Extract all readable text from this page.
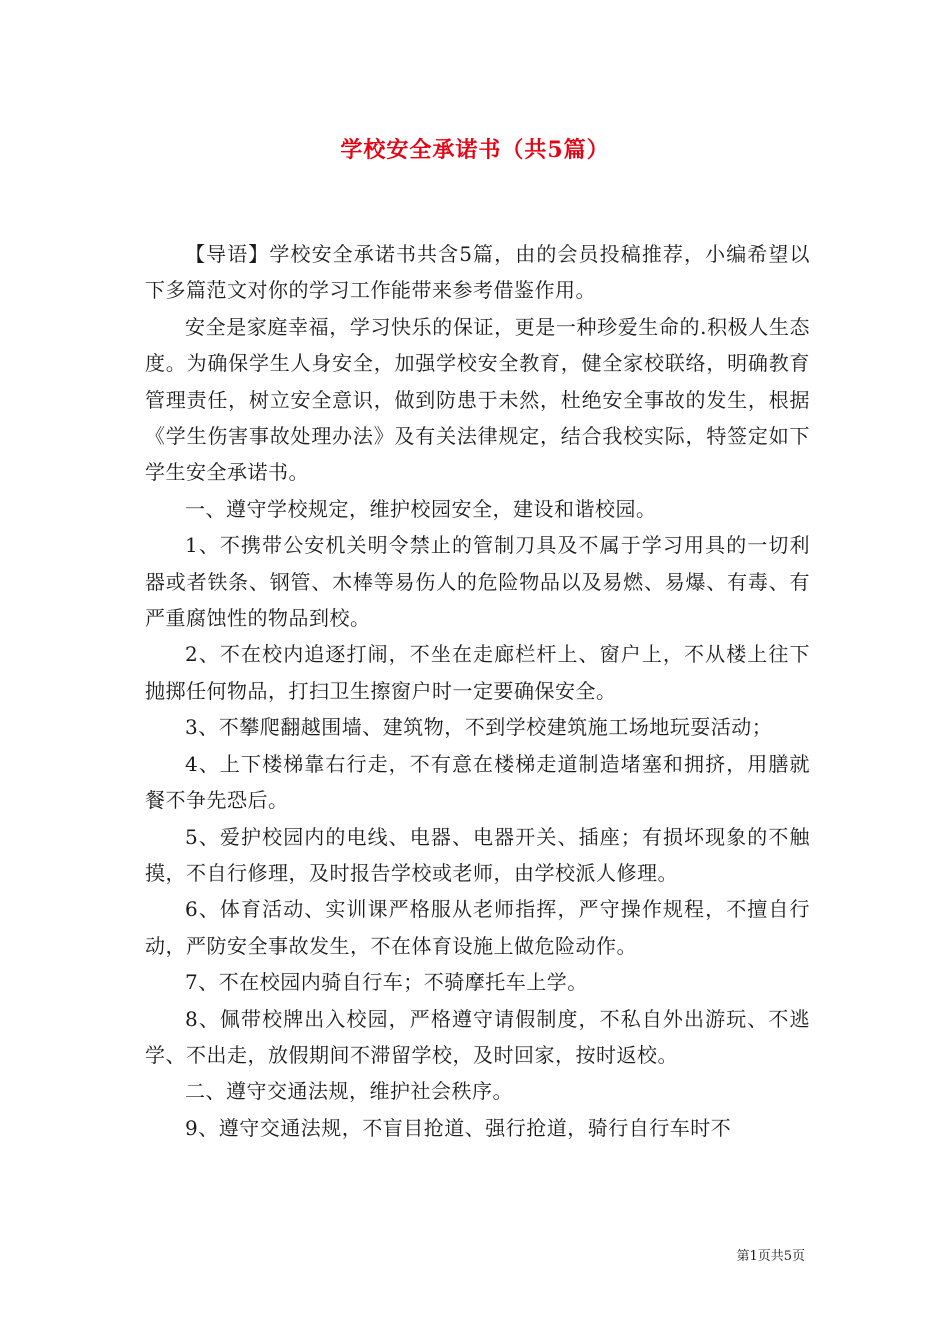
学校安全承诺书（共5篇）

【导语】学校安全承诺书共含5篇，由的会员投稿推荐，小编希望以下多篇范文对你的学习工作能带来参考借鉴作用。

安全是家庭幸福，学习快乐的保证，更是一种珍爱生命的.积极人生态度。为确保学生人身安全，加强学校安全教育，健全家校联络，明确教育管理责任，树立安全意识，做到防患于未然，杜绝安全事故的发生，根据《学生伤害事故处理办法》及有关法律规定，结合我校实际，特签定如下学生安全承诺书。

一、遵守学校规定，维护校园安全，建设和谐校园。

1、不携带公安机关明令禁止的管制刀具及不属于学习用具的一切利器或者铁条、钢管、木棒等易伤人的危险物品以及易燃、易爆、有毒、有严重腐蚀性的物品到校。

2、不在校内追逐打闹，不坐在走廊栏杆上、窗户上，不从楼上往下抛掷任何物品，打扫卫生擦窗户时一定要确保安全。

3、不攀爬翻越围墙、建筑物，不到学校建筑施工场地玩耍活动；

4、上下楼梯靠右行走，不有意在楼梯走道制造堵塞和拥挤，用膳就餐不争先恐后。

5、爱护校园内的电线、电器、电器开关、插座；有损坏现象的不触摸，不自行修理，及时报告学校或老师，由学校派人修理。

6、体育活动、实训课严格服从老师指挥，严守操作规程，不擅自行动，严防安全事故发生，不在体育设施上做危险动作。

7、不在校园内骑自行车；不骑摩托车上学。

8、佩带校牌出入校园，严格遵守请假制度，不私自外出游玩、不逃学、不出走，放假期间不滞留学校，及时回家，按时返校。

二、遵守交通法规，维护社会秩序。

9、遵守交通法规，不盲目抢道、强行抢道，骑行自行车时不

第1页共5页
